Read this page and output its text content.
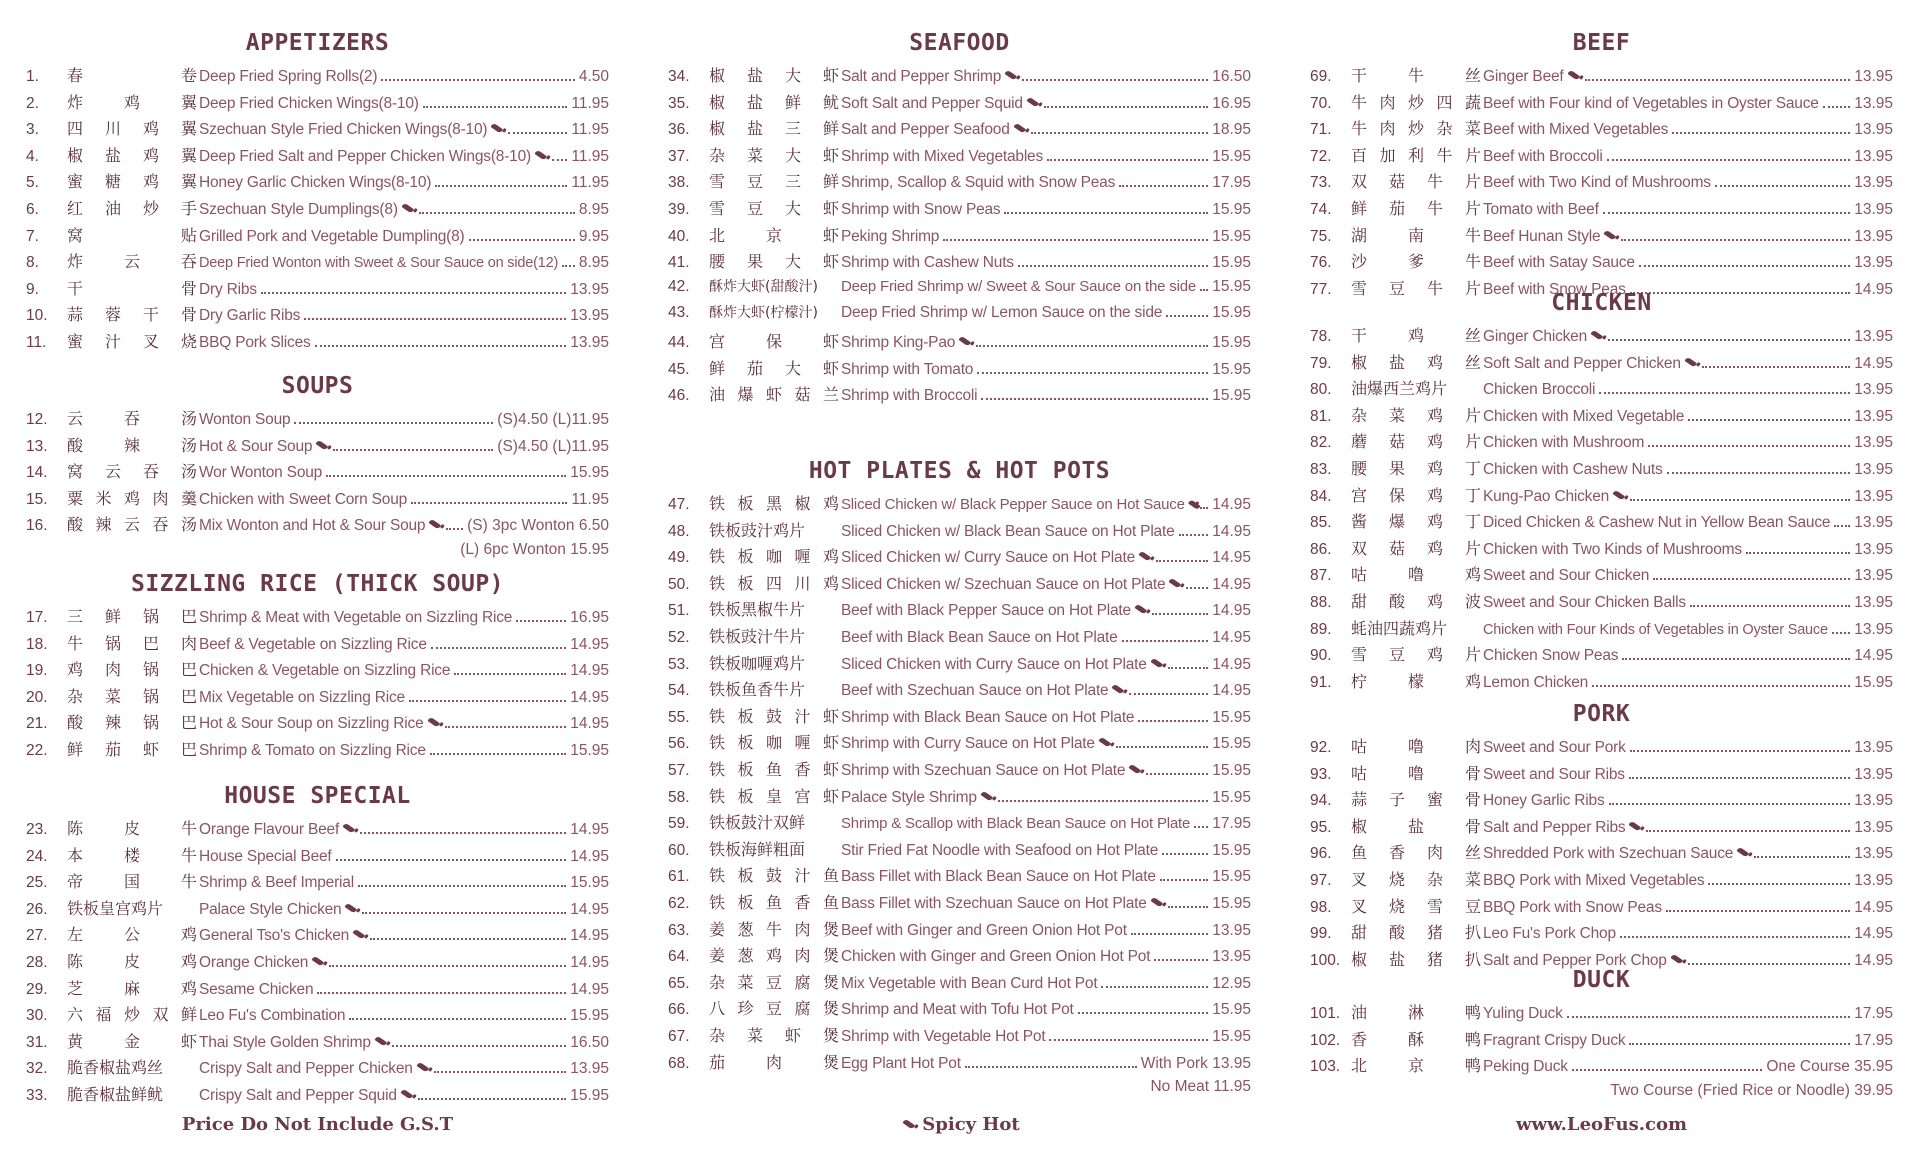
APPETIZERS
1.	春	卷 Deep Fried Spring Rolls(2)	4.50
2.	炸	鸡	翼 Deep Fried Chicken Wings(8-10)	11.95
3.	四 川 鸡 翼 Szechuan Style Fried Chicken Wings(8-10)	11.95
4.	椒 盐 鸡 翼 Deep Fried Salt and Pepper Chicken Wings(8-10)	11.95
5.	蜜 糖 鸡 翼 Honey Garlic Chicken Wings(8-10)	11.95
6.	红 油 炒 手 Szechuan Style Dumplings(8)	8.95
7.	窝	贴 Grilled Pork and Vegetable Dumpling(8)	9.95
8.	炸	云	吞 Deep Fried Wonton with Sweet & Sour Sauce on side(12) 8.95
9.	干	骨 Dry Ribs	13.95
10.	蒜 蓉 干 骨 Dry Garlic Ribs	13.95
11.	蜜 汁 叉 烧 BBQ Pork Slices	13.95
SOUPS
12.	云	吞	汤 Wonton Soup	(S)4.50 (L)11.95
13.	酸	辣	汤 Hot & Sour Soup	(S)4.50 (L)11.95
14.	窝 云 吞 汤 Wor Wonton Soup	15.95
15.	粟 米 鸡 肉 羹 Chicken with Sweet Corn Soup	11.95
16.	酸 辣 云 吞 汤 Mix Wonton and Hot & Sour Soup	(S) 3pc Wonton 6.50
(L) 6pc Wonton 15.95
SIZZLING RICE (THICK SOUP)
17.	三 鲜 锅 巴 Shrimp & Meat with Vegetable on Sizzling Rice	16.95
18.	牛 锅 巴 肉 Beef & Vegetable on Sizzling Rice	14.95
19.	鸡 肉 锅 巴 Chicken & Vegetable on Sizzling Rice	14.95
20.	杂 菜 锅 巴 Mix Vegetable on Sizzling Rice	14.95
21.	酸 辣 锅 巴 Hot & Sour Soup on Sizzling Rice	14.95
22.	鲜 茄 虾 巴 Shrimp & Tomato on Sizzling Rice	15.95
HOUSE SPECIAL
23.	陈	皮	牛 Orange Flavour Beef	14.95
24.	本	楼	牛 House Special Beef	14.95
25.	帝	国	牛 Shrimp & Beef Imperial	15.95
26.	铁板皇宫鸡片 Palace Style Chicken	14.95
27.	左	公	鸡 General Tso's Chicken	14.95
28.	陈	皮	鸡 Orange Chicken	14.95
29.	芝	麻	鸡 Sesame Chicken	14.95
30.	六 福 炒 双 鲜 Leo Fu's Combination	15.95
31.	黄	金	虾 Thai Style Golden Shrimp	16.50
32.	脆香椒盐鸡丝 Crispy Salt and Pepper Chicken	13.95
33.	脆香椒盐鲜鱿 Crispy Salt and Pepper Squid	15.95
SEAFOOD
34.	椒 盐 大 虾 Salt and Pepper Shrimp	16.50
35.	椒 盐 鲜 鱿 Soft Salt and Pepper Squid	16.95
36.	椒 盐 三 鲜 Salt and Pepper Seafood	18.95
37.	杂 菜 大 虾 Shrimp with Mixed Vegetables	15.95
38.	雪 豆 三 鲜 Shrimp, Scallop & Squid with Snow Peas	17.95
39.	雪 豆 大 虾 Shrimp with Snow Peas	15.95
40.	北	京	虾 Peking Shrimp	15.95
41.	腰 果 大 虾 Shrimp with Cashew Nuts	15.95
42.	酥炸大虾(甜酸汁) Deep Fried Shrimp w/ Sweet & Sour Sauce on the side 15.95
43.	酥炸大虾(柠檬汁) Deep Fried Shrimp w/ Lemon Sauce on the side	15.95
44.	宫	保	虾 Shrimp King-Pao	15.95
45.	鲜 茄 大 虾 Shrimp with Tomato	15.95
46.	油 爆 虾 菇 兰 Shrimp with Broccoli	15.95
HOT PLATES & HOT POTS
47.	铁 板 黑 椒 鸡 Sliced Chicken w/ Black Pepper Sauce on Hot Sauce 14.95
48.	铁板豉汁鸡片 Sliced Chicken w/ Black Bean Sauce on Hot Plate 14.95
49.	铁 板 咖 喱 鸡 Sliced Chicken w/ Curry Sauce on Hot Plate	14.95
50.	铁 板 四 川 鸡 Sliced Chicken w/ Szechuan Sauce on Hot Plate	14.95
51.	铁板黑椒牛片 Beef with Black Pepper Sauce on Hot Plate	14.95
52.	铁板豉汁牛片 Beef with Black Bean Sauce on Hot Plate	14.95
53.	铁板咖喱鸡片 Sliced Chicken with Curry Sauce on Hot Plate	14.95
54.	铁板鱼香牛片 Beef with Szechuan Sauce on Hot Plate	14.95
55.	铁 板 鼓 汁 虾 Shrimp with Black Bean Sauce on Hot Plate	15.95
56.	铁 板 咖 喱 虾 Shrimp with Curry Sauce on Hot Plate	15.95
57.	铁 板 鱼 香 虾 Shrimp with Szechuan Sauce on Hot Plate	15.95
58.	铁 板 皇 宫 虾 Palace Style Shrimp	15.95
59.	铁板鼓汁双鲜 Shrimp & Scallop with Black Bean Sauce on Hot Plate 17.95
60.	铁板海鲜粗面 Stir Fried Fat Noodle with Seafood on Hot Plate	15.95
61.	铁 板 鼓 汁 鱼 Bass Fillet with Black Bean Sauce on Hot Plate	15.95
62.	铁 板 鱼 香 鱼 Bass Fillet with Szechuan Sauce on Hot Plate	15.95
63.	姜 葱 牛 肉 煲 Beef with Ginger and Green Onion Hot Pot	13.95
64.	姜 葱 鸡 肉 煲 Chicken with Ginger and Green Onion Hot Pot	13.95
65.	杂 菜 豆 腐 煲 Mix Vegetable with Bean Curd Hot Pot	12.95
66.	八 珍 豆 腐 煲 Shrimp and Meat with Tofu Hot Pot	15.95
67.	杂 菜 虾 煲 Shrimp with Vegetable Hot Pot	15.95
68.	茄	肉	煲 Egg Plant Hot Pot	With Pork 13.95
No Meat 11.95
BEEF
69.	干	牛	丝 Ginger Beef	13.95
70.	牛 肉 炒 四 蔬 Beef with Four kind of Vegetables in Oyster Sauce 13.95
71.	牛 肉 炒 杂 菜 Beef with Mixed Vegetables	13.95
72.	百 加 利 牛 片 Beef with Broccoli	13.95
73.	双 菇 牛 片 Beef with Two Kind of Mushrooms	13.95
74.	鲜 茄 牛 片 Tomato with Beef	13.95
75.	湖	南	牛 Beef Hunan Style	13.95
76.	沙	爹	牛 Beef with Satay Sauce	13.95
77.	雪 豆 牛 片 Beef with Snow Peas	14.95
CHICKEN
78.	干	鸡	丝 Ginger Chicken	13.95
79.	椒 盐 鸡 丝 Soft Salt and Pepper Chicken	14.95
80.	油爆西兰鸡片 Chicken Broccoli	13.95
81.	杂 菜 鸡 片 Chicken with Mixed Vegetable	13.95
82.	蘑 菇 鸡 片 Chicken with Mushroom	13.95
83.	腰 果 鸡 丁 Chicken with Cashew Nuts	13.95
84.	宫 保 鸡 丁 Kung-Pao Chicken	13.95
85.	酱 爆 鸡 丁 Diced Chicken & Cashew Nut in Yellow Bean Sauce 13.95
86.	双 菇 鸡 片 Chicken with Two Kinds of Mushrooms	13.95
87.	咕	噜	鸡 Sweet and Sour Chicken	13.95
88.	甜 酸 鸡 波 Sweet and Sour Chicken Balls	13.95
89.	蚝油四蔬鸡片 Chicken with Four Kinds of Vegetables in Oyster Sauce 13.95
90.	雪 豆 鸡 片 Chicken Snow Peas	14.95
91.	柠	檬	鸡 Lemon Chicken	15.95
PORK
92.	咕	噜	肉 Sweet and Sour Pork	13.95
93.	咕	噜	骨 Sweet and Sour Ribs	13.95
94.	蒜 子 蜜 骨 Honey Garlic Ribs	13.95
95.	椒	盐	骨 Salt and Pepper Ribs	13.95
96.	鱼 香 肉 丝 Shredded Pork with Szechuan Sauce	13.95
97.	叉 烧 杂 菜 BBQ Pork with Mixed Vegetables	13.95
98.	叉 烧 雪 豆 BBQ Pork with Snow Peas	14.95
99.	甜 酸 猪 扒 Leo Fu's Pork Chop	14.95
100. 椒 盐 猪 扒 Salt and Pepper Pork Chop	14.95
DUCK
101. 油	淋	鸭 Yuling Duck	17.95
102. 香	酥	鸭 Fragrant Crispy Duck	17.95
103. 北	京	鸭 Peking Duck	One Course 35.95
Two Course (Fried Rice or Noodle) 39.95
Price Do Not Include G.S.T	Spicy Hot	www.LeoFus.com
